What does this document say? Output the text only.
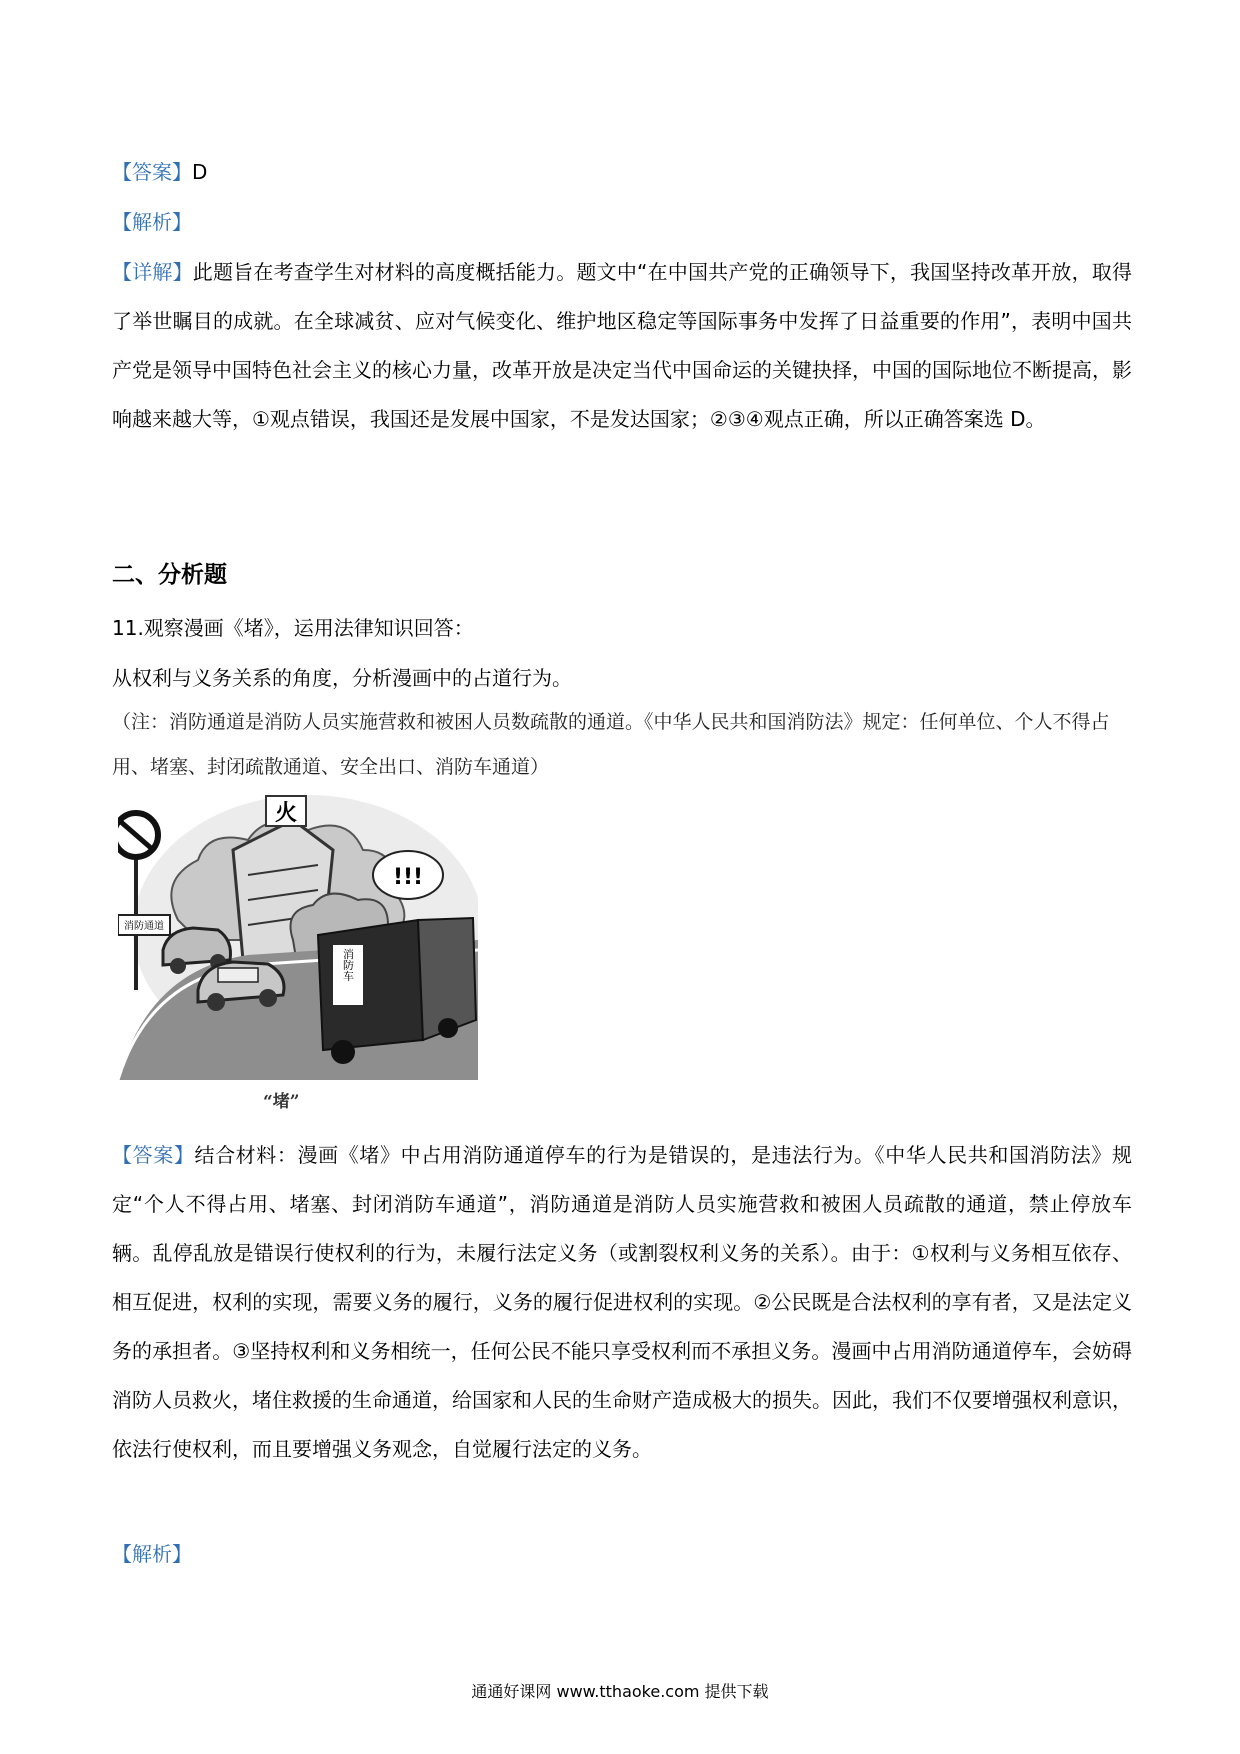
【答案】D
【解析】
【详解】此题旨在考查学生对材料的高度概括能力。题文中“在中国共产党的正确领导下，我国坚持改革开放，取得了举世瞩目的成就。在全球减贫、应对气候变化、维护地区稳定等国际事务中发挥了日益重要的作用”，表明中国共产党是领导中国特色社会主义的核心力量，改革开放是决定当代中国命运的关键抉择，中国的国际地位不断提高，影响越来越大等，①观点错误，我国还是发展中国家，不是发达国家；②③④观点正确，所以正确答案选 D。
二、分析题
11.观察漫画《堵》，运用法律知识回答：
从权利与义务关系的角度，分析漫画中的占道行为。
（注：消防通道是消防人员实施营救和被困人员数疏散的通道。《中华人民共和国消防法》规定：任何单位、个人不得占用、堵塞、封闭疏散通道、安全出口、消防车通道）
火
消防通道
消防车
!!!
“堵”
【答案】结合材料：漫画《堵》中占用消防通道停车的行为是错误的，是违法行为。《中华人民共和国消防法》规定“个人不得占用、堵塞、封闭消防车通道”，消防通道是消防人员实施营救和被困人员疏散的通道，禁止停放车辆。乱停乱放是错误行使权利的行为，未履行法定义务（或割裂权利义务的关系）。由于：①权利与义务相互依存、相互促进，权利的实现，需要义务的履行，义务的履行促进权利的实现。②公民既是合法权利的享有者，又是法定义务的承担者。③坚持权利和义务相统一，任何公民不能只享受权利而不承担义务。漫画中占用消防通道停车，会妨碍消防人员救火，堵住救援的生命通道，给国家和人民的生命财产造成极大的损失。因此，我们不仅要增强权利意识，依法行使权利，而且要增强义务观念，自觉履行法定的义务。
【解析】
通通好课网 www.tthaoke.com 提供下载
